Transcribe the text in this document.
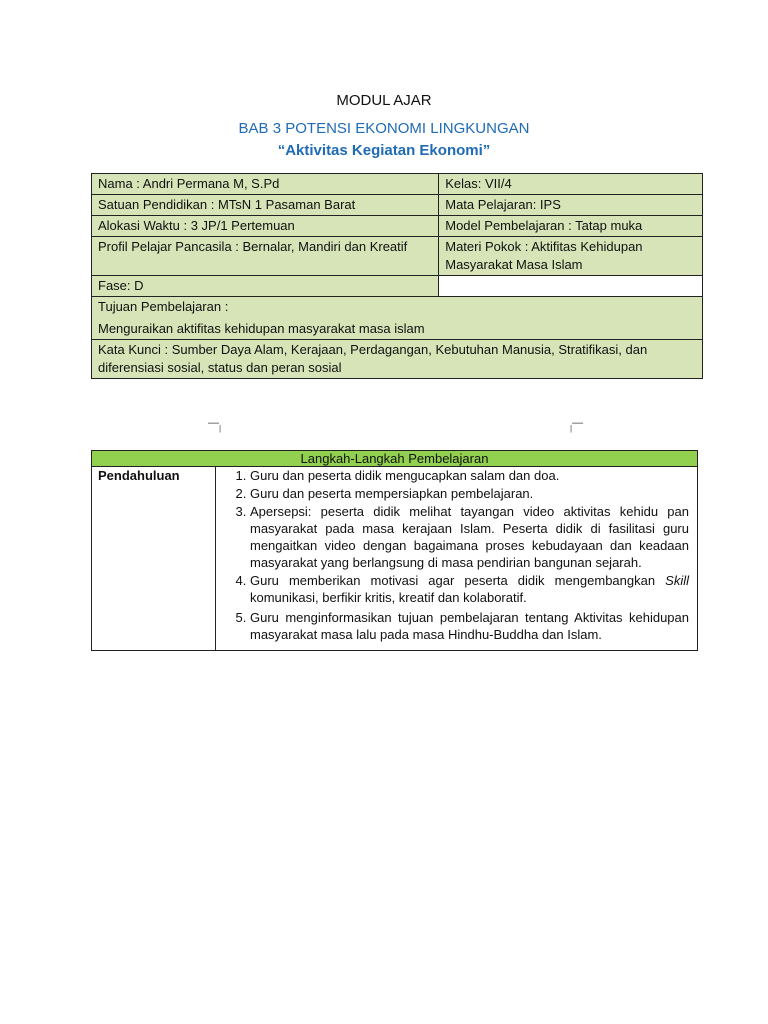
MODUL AJAR
BAB 3 POTENSI EKONOMI LINGKUNGAN
“Aktivitas Kegiatan Ekonomi”
Nama : Andri Permana M, S.Pd	Kelas: VII/4
Satuan Pendidikan : MTsN 1 Pasaman Barat	Mata Pelajaran: IPS
Alokasi Waktu : 3 JP/1 Pertemuan	Model Pembelajaran : Tatap muka
Profil Pelajar Pancasila : Bernalar, Mandiri dan Kreatif	Materi Pokok : Aktifitas Kehidupan Masyarakat Masa Islam
Fase: D	

Tujuan Pembelajaran :
Menguraikan aktifitas kehidupan masyarakat masa islam	

Kata Kunci : Sumber Daya Alam, Kerajaan, Perdagangan, Kebutuhan Manusia, Stratifikasi, dan diferensiasi sosial, status dan peran sosial	
$—_|$	$_|$—
Langkah-Langkah Pembelajaran
Pendahuluan	
1.Guru dan peserta didik mengucapkan salam dan doa.
2. Guru dan peserta mempersiapkan pembelajaran.
3. Apersepsi: peserta didik melihat tayangan video aktivitas kehidu pan masyarakat pada masa kerajaan Islam. Peserta didik di fasilitasi guru mengaitkan video dengan bagaimana proses kebudayaan dan keadaan masyarakat yang berlangsung di masa pendirian bangunan sejarah.
4. Guru memberikan motivasi agar peserta didik mengembangkan Skill komunikasi, berfikir kritis, kreatif dan kolaboratif.
5. Guru menginformasikan tujuan pembelajaran tentang Aktivitas kehidupan masyarakat masa lalu pada masa Hindhu-Buddha dan Islam.
